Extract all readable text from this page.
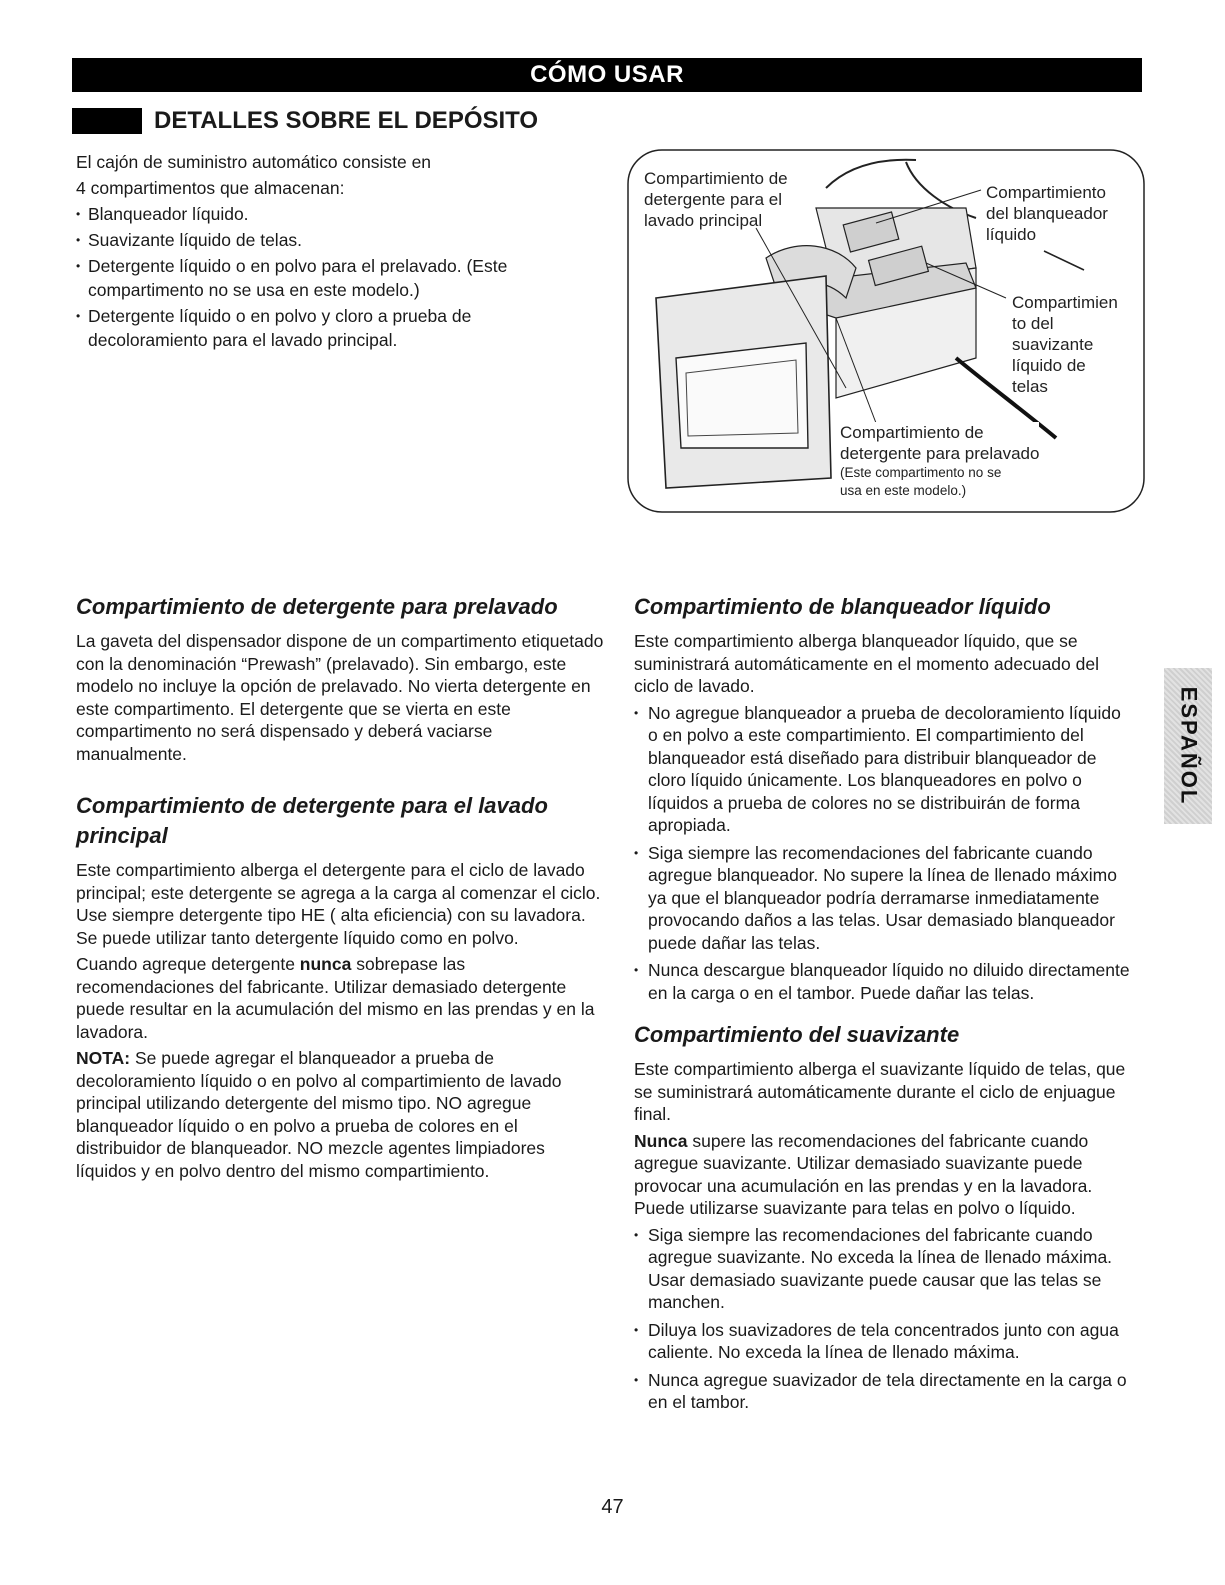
CÓMO USAR
DETALLES SOBRE EL DEPÓSITO

El cajón de suministro automático consiste en

4 compartimentos que almacenan:

• Blanqueador líquido.
• Suavizante líquido de telas.
• Detergente líquido o en polvo para el prelavado. (Este compartimento no se usa en este modelo.)
• Detergente líquido o en polvo y cloro a prueba de decoloramiento para el lavado principal.
Compartimiento de
detergente para el
lavado principal
Compartimiento
del blanqueador
líquido
Compartimien
to del
suavizante
líquido de
telas
Compartimiento de
detergente para prelavado
(Este compartimento no se
usa en este modelo.)
Compartimiento de detergente para prelavado

La gaveta del dispensador dispone de un compartimento etiquetado con la denominación “Prewash” (prelavado). Sin embargo, este modelo no incluye la opción de prelavado. No vierta detergente en este compartimento. El detergente que se vierta en este compartimento no será dispensado y deberá vaciarse manualmente.

Compartimiento de detergente para el lavado principal

Este compartimiento alberga el detergente para el ciclo de lavado principal; este detergente se agrega a la carga al comenzar el ciclo. Use siempre detergente tipo HE ( alta eficiencia) con su lavadora. Se puede utilizar tanto detergente líquido como en polvo.

Cuando agreque detergente nunca sobrepase las recomendaciones del fabricante. Utilizar demasiado detergente puede resultar en la acumulación del mismo en las prendas y en la lavadora.

NOTA: Se puede agregar el blanqueador a prueba de decoloramiento líquido o en polvo al compartimiento de lavado principal utilizando detergente del mismo tipo. NO agregue blanqueador líquido o en polvo a prueba de colores en el distribuidor de blanqueador. NO mezcle agentes limpiadores líquidos y en polvo dentro del mismo compartimiento.

Compartimiento de blanqueador líquido

Este compartimiento alberga blanqueador líquido, que se suministrará automáticamente en el momento adecuado del ciclo de lavado.

• No agregue blanqueador a prueba de decoloramiento líquido o en polvo a este compartimiento. El compartimiento del blanqueador está diseñado para distribuir blanqueador de cloro líquido únicamente. Los blanqueadores en polvo o líquidos a prueba de colores no se distribuirán de forma apropiada.
• Siga siempre las recomendaciones del fabricante cuando agregue blanqueador. No supere la línea de llenado máximo ya que el blanqueador podría derramarse inmediatamente provocando daños a las telas. Usar demasiado blanqueador puede dañar las telas.
• Nunca descargue blanqueador líquido no diluido directamente en la carga o en el tambor. Puede dañar las telas.
Compartimiento del suavizante

Este compartimiento alberga el suavizante líquido de telas, que se suministrará automáticamente durante el ciclo de enjuague final.

Nunca supere las recomendaciones del fabricante cuando agregue suavizante. Utilizar demasiado suavizante puede provocar una acumulación en las prendas y en la lavadora. Puede utilizarse suavizante para telas en polvo o líquido.

• Siga siempre las recomendaciones del fabricante cuando agregue suavizante. No exceda la línea de llenado máxima. Usar demasiado suavizante puede causar que las telas se manchen.
• Diluya los suavizadores de tela concentrados junto con agua caliente. No exceda la línea de llenado máxima.
• Nunca agregue suavizador de tela directamente en la carga o en el tambor.
ESPAÑOL
47
